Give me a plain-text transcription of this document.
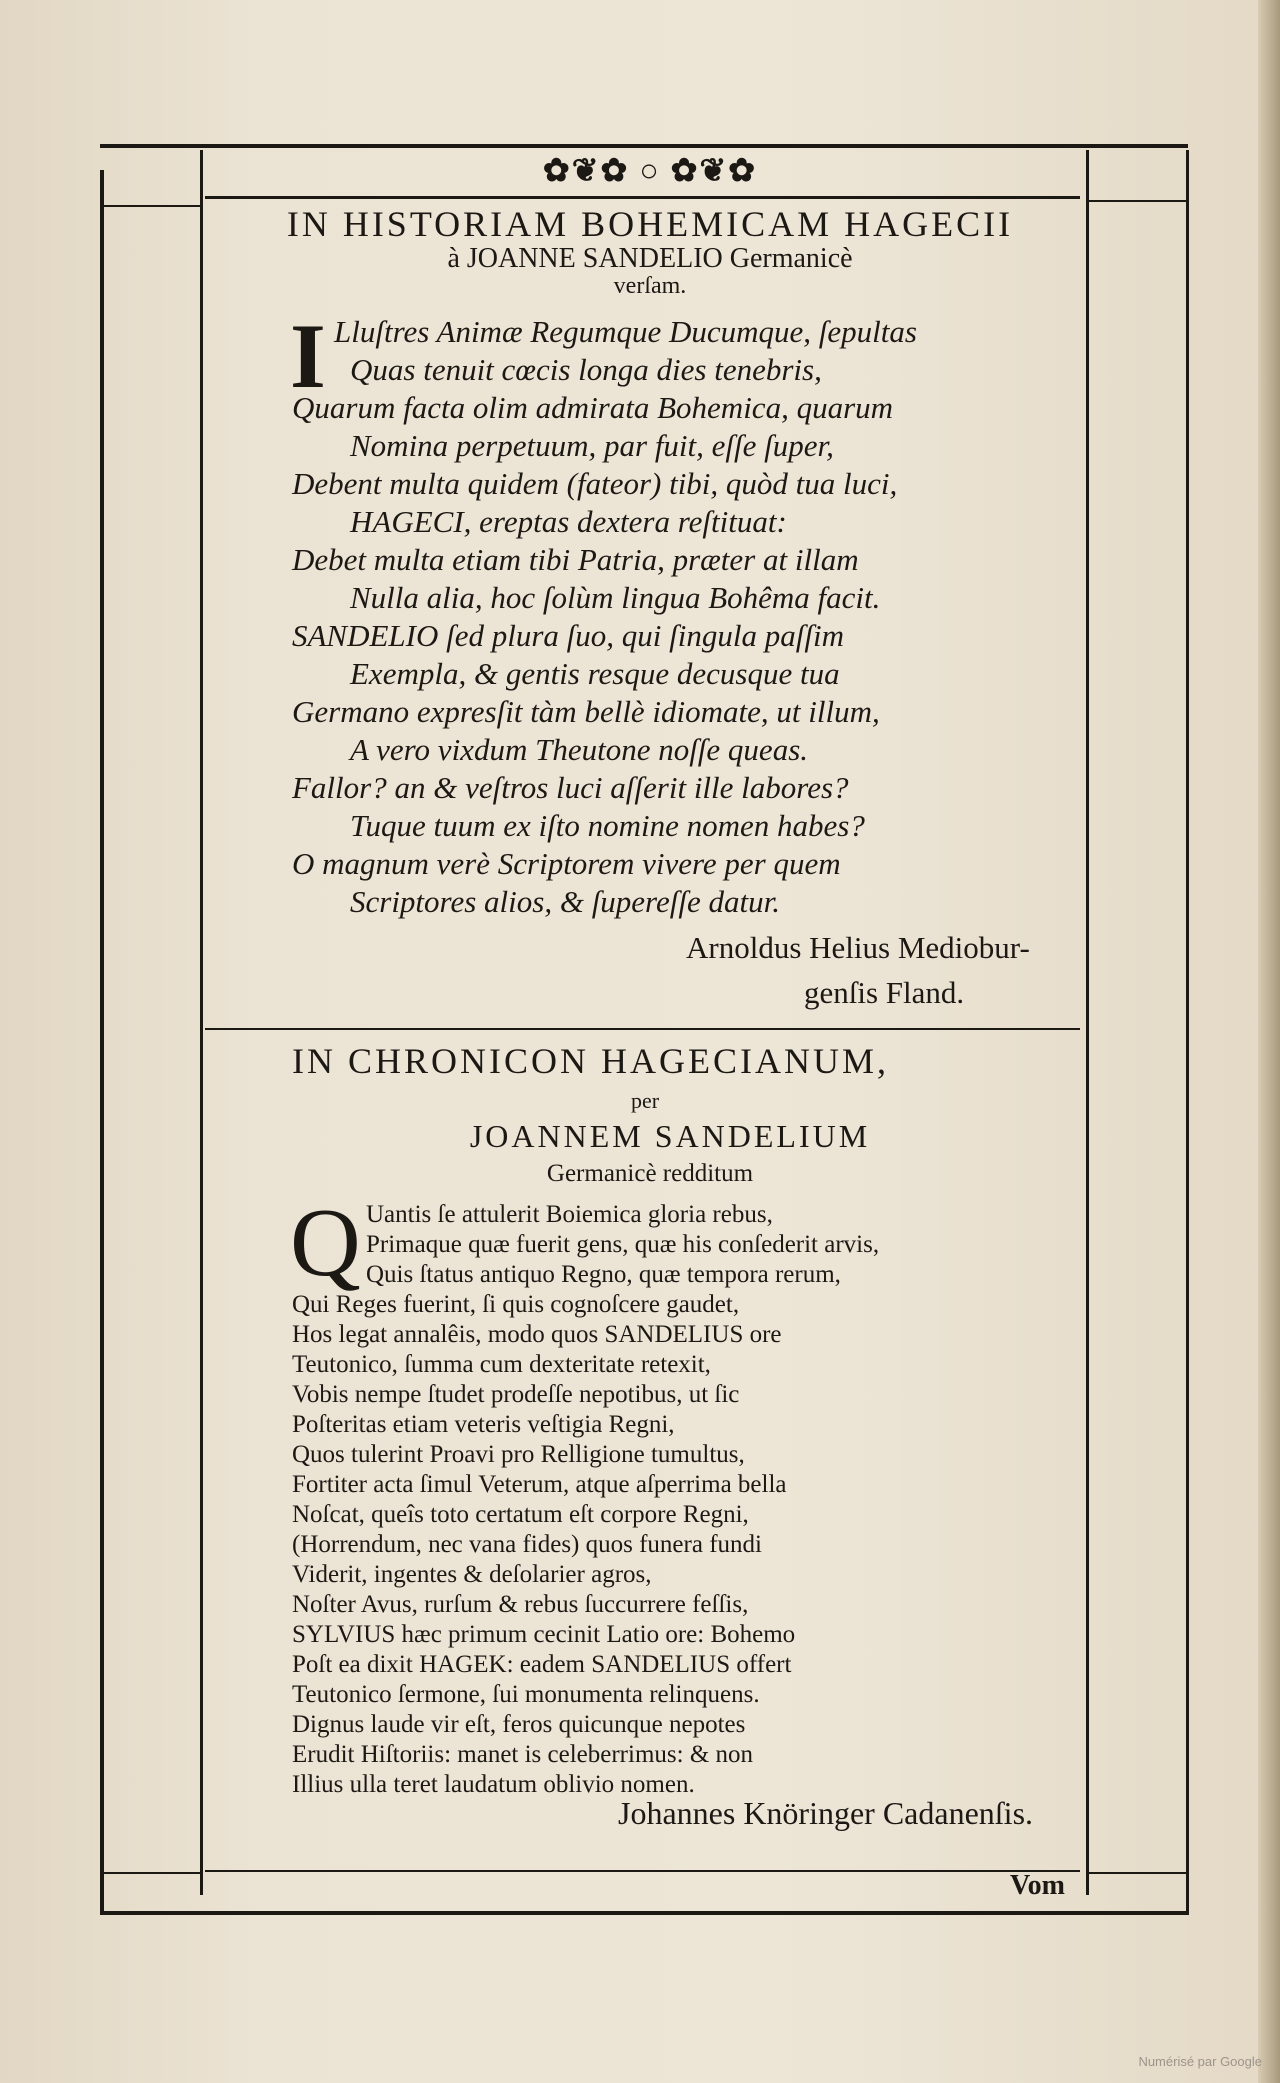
✿❦✿ ○ ✿❦✿
IN HISTORIAM BOHEMICAM HAGECII
à JOANNE SANDELIO Germanicè
verſam.
I Lluſtres Animæ Regumque Ducumque, ſepultas
Quas tenuit cœcis longa dies tenebris,
Quarum facta olim admirata Bohemica, quarum
Nomina perpetuum, par fuit, eſſe ſuper,
Debent multa quidem (fateor) tibi, quòd tua luci,
HAGECI, ereptas dextera reſtituat:
Debet multa etiam tibi Patria, præter at illam
Nulla alia, hoc ſolùm lingua Bohêma facit.
SANDELIO ſed plura ſuo, qui ſingula paſſim
Exempla, & gentis resque decusque tua
Germano expresſit tàm bellè idiomate, ut illum,
A vero vixdum Theutone noſſe queas.
Fallor? an & veſtros luci aſſerit ille labores?
Tuque tuum ex iſto nomine nomen habes?
O magnum verè Scriptorem vivere per quem
Scriptores alios, & ſupereſſe datur.
Arnoldus Helius Mediobur-
genſis Fland.
IN CHRONICON HAGECIANUM,
per
JOANNEM SANDELIUM
Germanicè redditum
Q Uantis ſe attulerit Boiemica gloria rebus,
Primaque quæ fuerit gens, quæ his conſederit arvis,
Quis ſtatus antiquo Regno, quæ tempora rerum,
Qui Reges fuerint, ſi quis cognoſcere gaudet,
Hos legat annalêis, modo quos SANDELIUS ore
Teutonico, ſumma cum dexteritate retexit,
Vobis nempe ſtudet prodeſſe nepotibus, ut ſic
Poſteritas etiam veteris veſtigia Regni,
Quos tulerint Proavi pro Relligione tumultus,
Fortiter acta ſimul Veterum, atque aſperrima bella
Noſcat, queîs toto certatum eſt corpore Regni,
(Horrendum, nec vana fides) quos funera fundi
Viderit, ingentes & deſolarier agros,
Noſter Avus, rurſum & rebus ſuccurrere feſſis,
SYLVIUS hæc primum cecinit Latio ore: Bohemo
Poſt ea dixit HAGEK: eadem SANDELIUS offert
Teutonico ſermone, ſui monumenta relinquens.
Dignus laude vir eſt, feros quicunque nepotes
Erudit Hiſtoriis: manet is celeberrimus: & non
Illius ulla teret laudatum oblivio nomen.
Johannes Knöringer Cadanenſis.
Vom
Numérisé par Google
